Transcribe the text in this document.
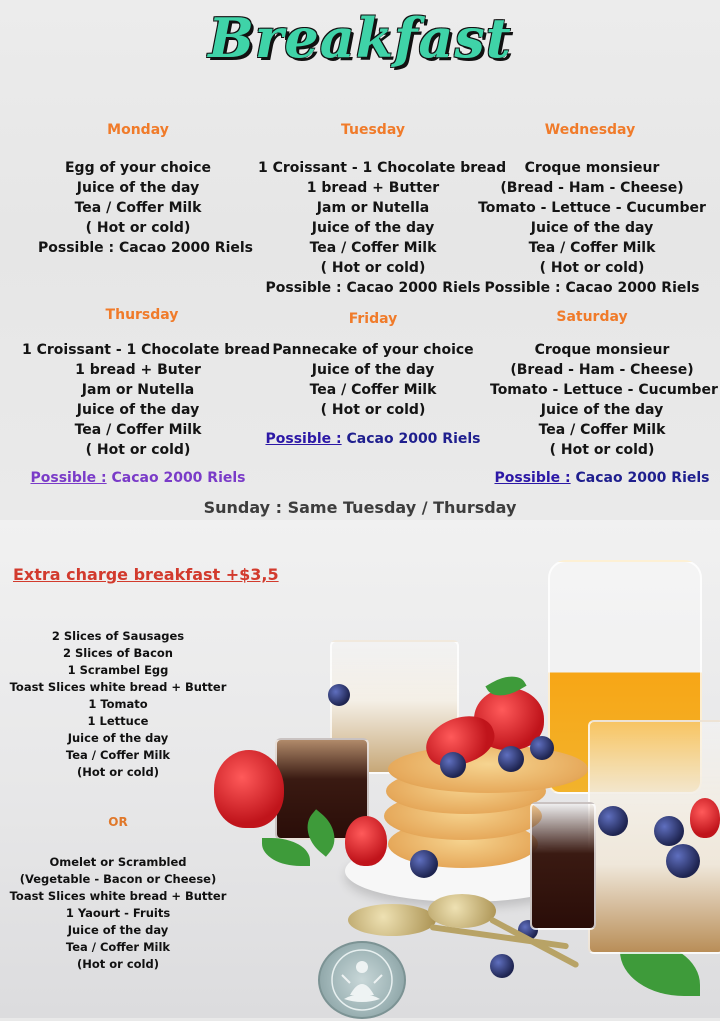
Breakfast
Monday
Egg of your choice
Juice of the day
Tea / Coffer Milk
( Hot or cold)
Possible : Cacao 2000 Riels
Tuesday
1 Croissant - 1 Chocolate bread
1 bread + Butter
Jam or Nutella
Juice of the day
Tea / Coffer Milk
( Hot or cold)
Possible : Cacao 2000 Riels
Wednesday
Croque monsieur
(Bread - Ham - Cheese)
Tomato - Lettuce - Cucumber
Juice of the day
Tea / Coffer Milk
( Hot or cold)
Possible : Cacao 2000 Riels
Thursday
1 Croissant - 1 Chocolate bread
1 bread + Buter
Jam or Nutella
Juice of the day
Tea / Coffer Milk
( Hot or cold)
Possible : Cacao 2000 Riels
Friday
Pannecake of your choice
Juice of the day
Tea / Coffer Milk
( Hot or cold)
Possible : Cacao 2000 Riels
Saturday
Croque monsieur
(Bread - Ham - Cheese)
Tomato - Lettuce - Cucumber
Juice of the day
Tea / Coffer Milk
( Hot or cold)
Possible : Cacao 2000 Riels
Sunday : Same Tuesday / Thursday
Extra charge breakfast +$3,5
2 Slices of Sausages
2 Slices of Bacon
1 Scrambel Egg
Toast Slices white bread + Butter
1 Tomato
1 Lettuce
Juice of the day
Tea / Coffer Milk
(Hot or cold)
OR
Omelet or Scrambled
(Vegetable - Bacon or Cheese)
Toast Slices white bread + Butter
1 Yaourt - Fruits
Juice of the day
Tea / Coffer Milk
(Hot or cold)
